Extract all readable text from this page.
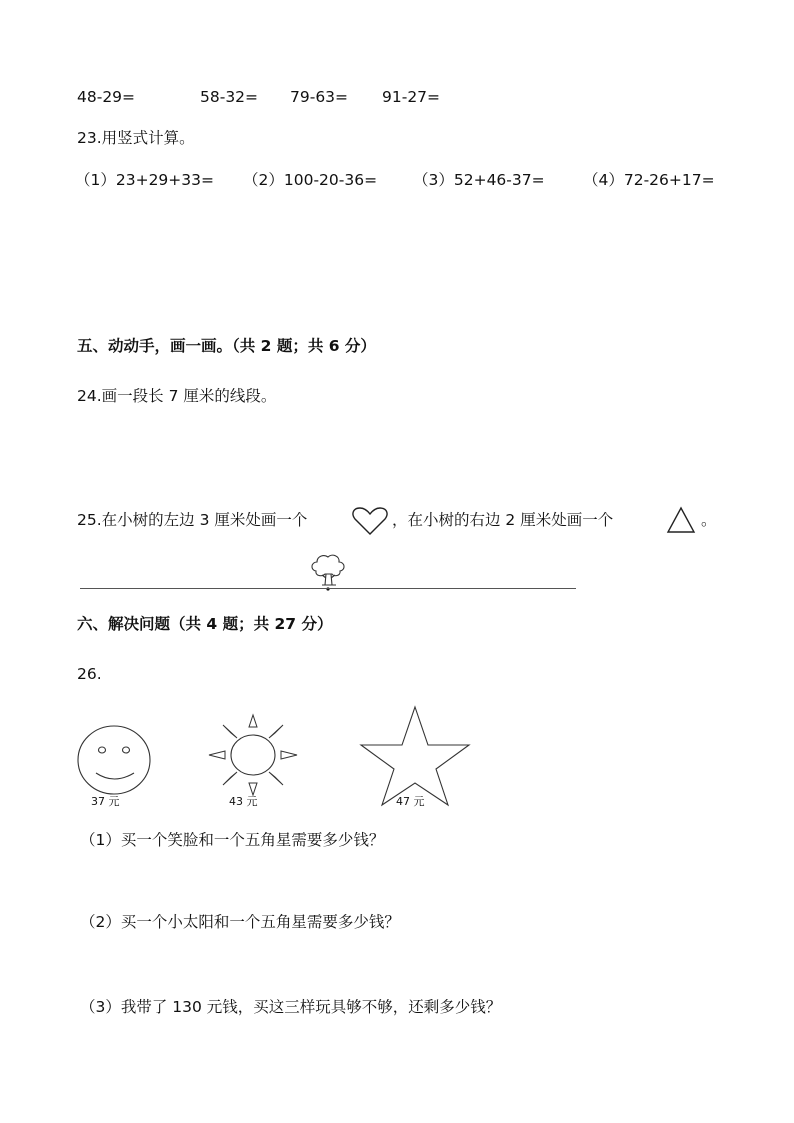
48-29=	58-32= 79-63= 91-27=
23.用竖式计算。
（1）23+29+33= （2）100-20-36= （3）52+46-37= （4）72-26+17=
五、动动手，画一画。（共 2 题；共 6 分）
24.画一段长 7 厘米的线段。
25.在小树的左边 3 厘米处画一个	，在小树的右边 2 厘米处画一个	。
六、解决问题（共 4 题；共 27 分）
26.
37 元	43 元	47 元
（1）买一个笑脸和一个五角星需要多少钱？
（2）买一个小太阳和一个五角星需要多少钱？
（3）我带了 130 元钱，买这三样玩具够不够，还剩多少钱？
